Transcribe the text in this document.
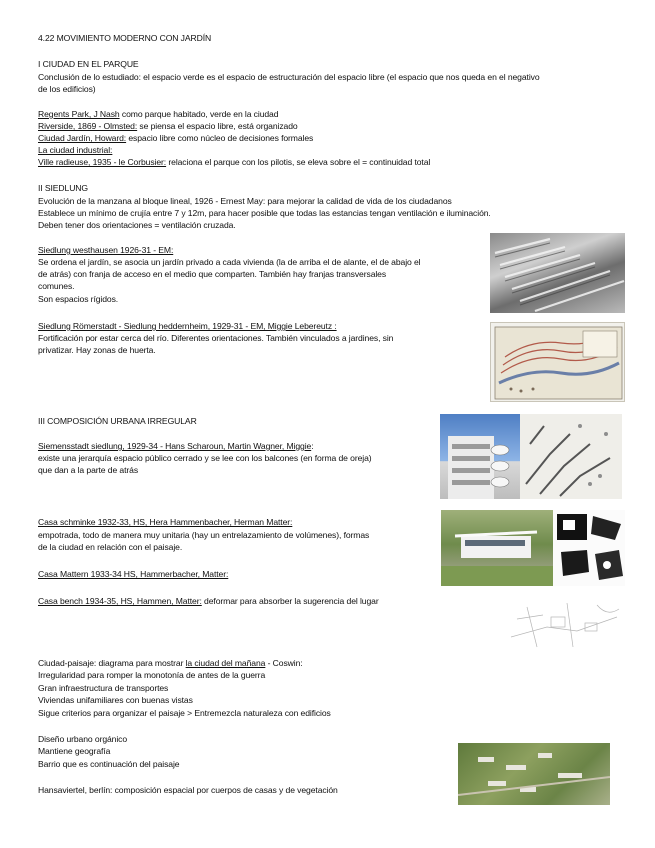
4.22 MOVIMIENTO MODERNO CON JARDÍN
I CIUDAD EN EL PARQUE
Conclusión de lo estudiado: el espacio verde es el espacio de estructuración del espacio libre (el espacio que nos queda en el negativo
de los edificios)
Regents Park, J Nash como parque habitado, verde en la ciudad
Riverside, 1869 - Olmsted: se piensa el espacio libre, está organizado
Ciudad Jardín, Howard: espacio libre como núcleo de decisiones formales
La ciudad industrial:
Ville radieuse, 1935 - le Corbusier: relaciona el parque con los pilotis, se eleva sobre el = continuidad total
II SIEDLUNG
Evolución de la manzana al bloque lineal, 1926 - Ernest May: para mejorar la calidad de vida de los ciudadanos
Establece un mínimo de crujía entre 7 y 12m, para hacer posible que todas las estancias tengan ventilación e iluminación.
Deben tener dos orientaciones = ventilación cruzada.
Siedlung westhausen 1926-31 - EM:
Se ordena el jardín, se asocia un jardín privado a cada vivienda (la de arriba el de alante, el de abajo el
de atrás) con franja de acceso en el medio que comparten. También hay franjas transversales
comunes.
Son espacios rígidos.
Siedlung Römerstadt - Siedlung heddernheim, 1929-31 - EM, Miggie Lebereutz :
Fortificación por estar cerca del río. Diferentes orientaciones. También vinculados a jardines, sin
privatizar. Hay zonas de huerta.
III COMPOSICIÓN URBANA IRREGULAR
Siemensstadt siedlung, 1929-34 - Hans Scharoun, Martin Wagner, Miggie:
existe una jerarquía espacio público cerrado y se lee con los balcones (en forma de oreja)
que dan a la parte de atrás
Casa schminke 1932-33, HS, Hera Hammenbacher, Herman Matter:
empotrada, todo de manera muy unitaria (hay un entrelazamiento de volúmenes), formas
de la ciudad en relación con el paisaje.
Casa Mattern 1933-34 HS, Hammerbacher, Matter:
Casa bench 1934-35, HS, Hammen, Matter: deformar para absorber la sugerencia del lugar
Ciudad-paisaje: diagrama para mostrar la ciudad del mañana - Coswin:
Irregularidad para romper la monotonía de antes de la guerra
Gran infraestructura de transportes
Viviendas unifamiliares con buenas vistas
Sigue criterios para organizar el paisaje > Entremezcla naturaleza con edificios
Diseño urbano orgánico
Mantiene geografía
Barrio que es continuación del paisaje
Hansaviertel, berlín: composición espacial por cuerpos de casas y de vegetación
